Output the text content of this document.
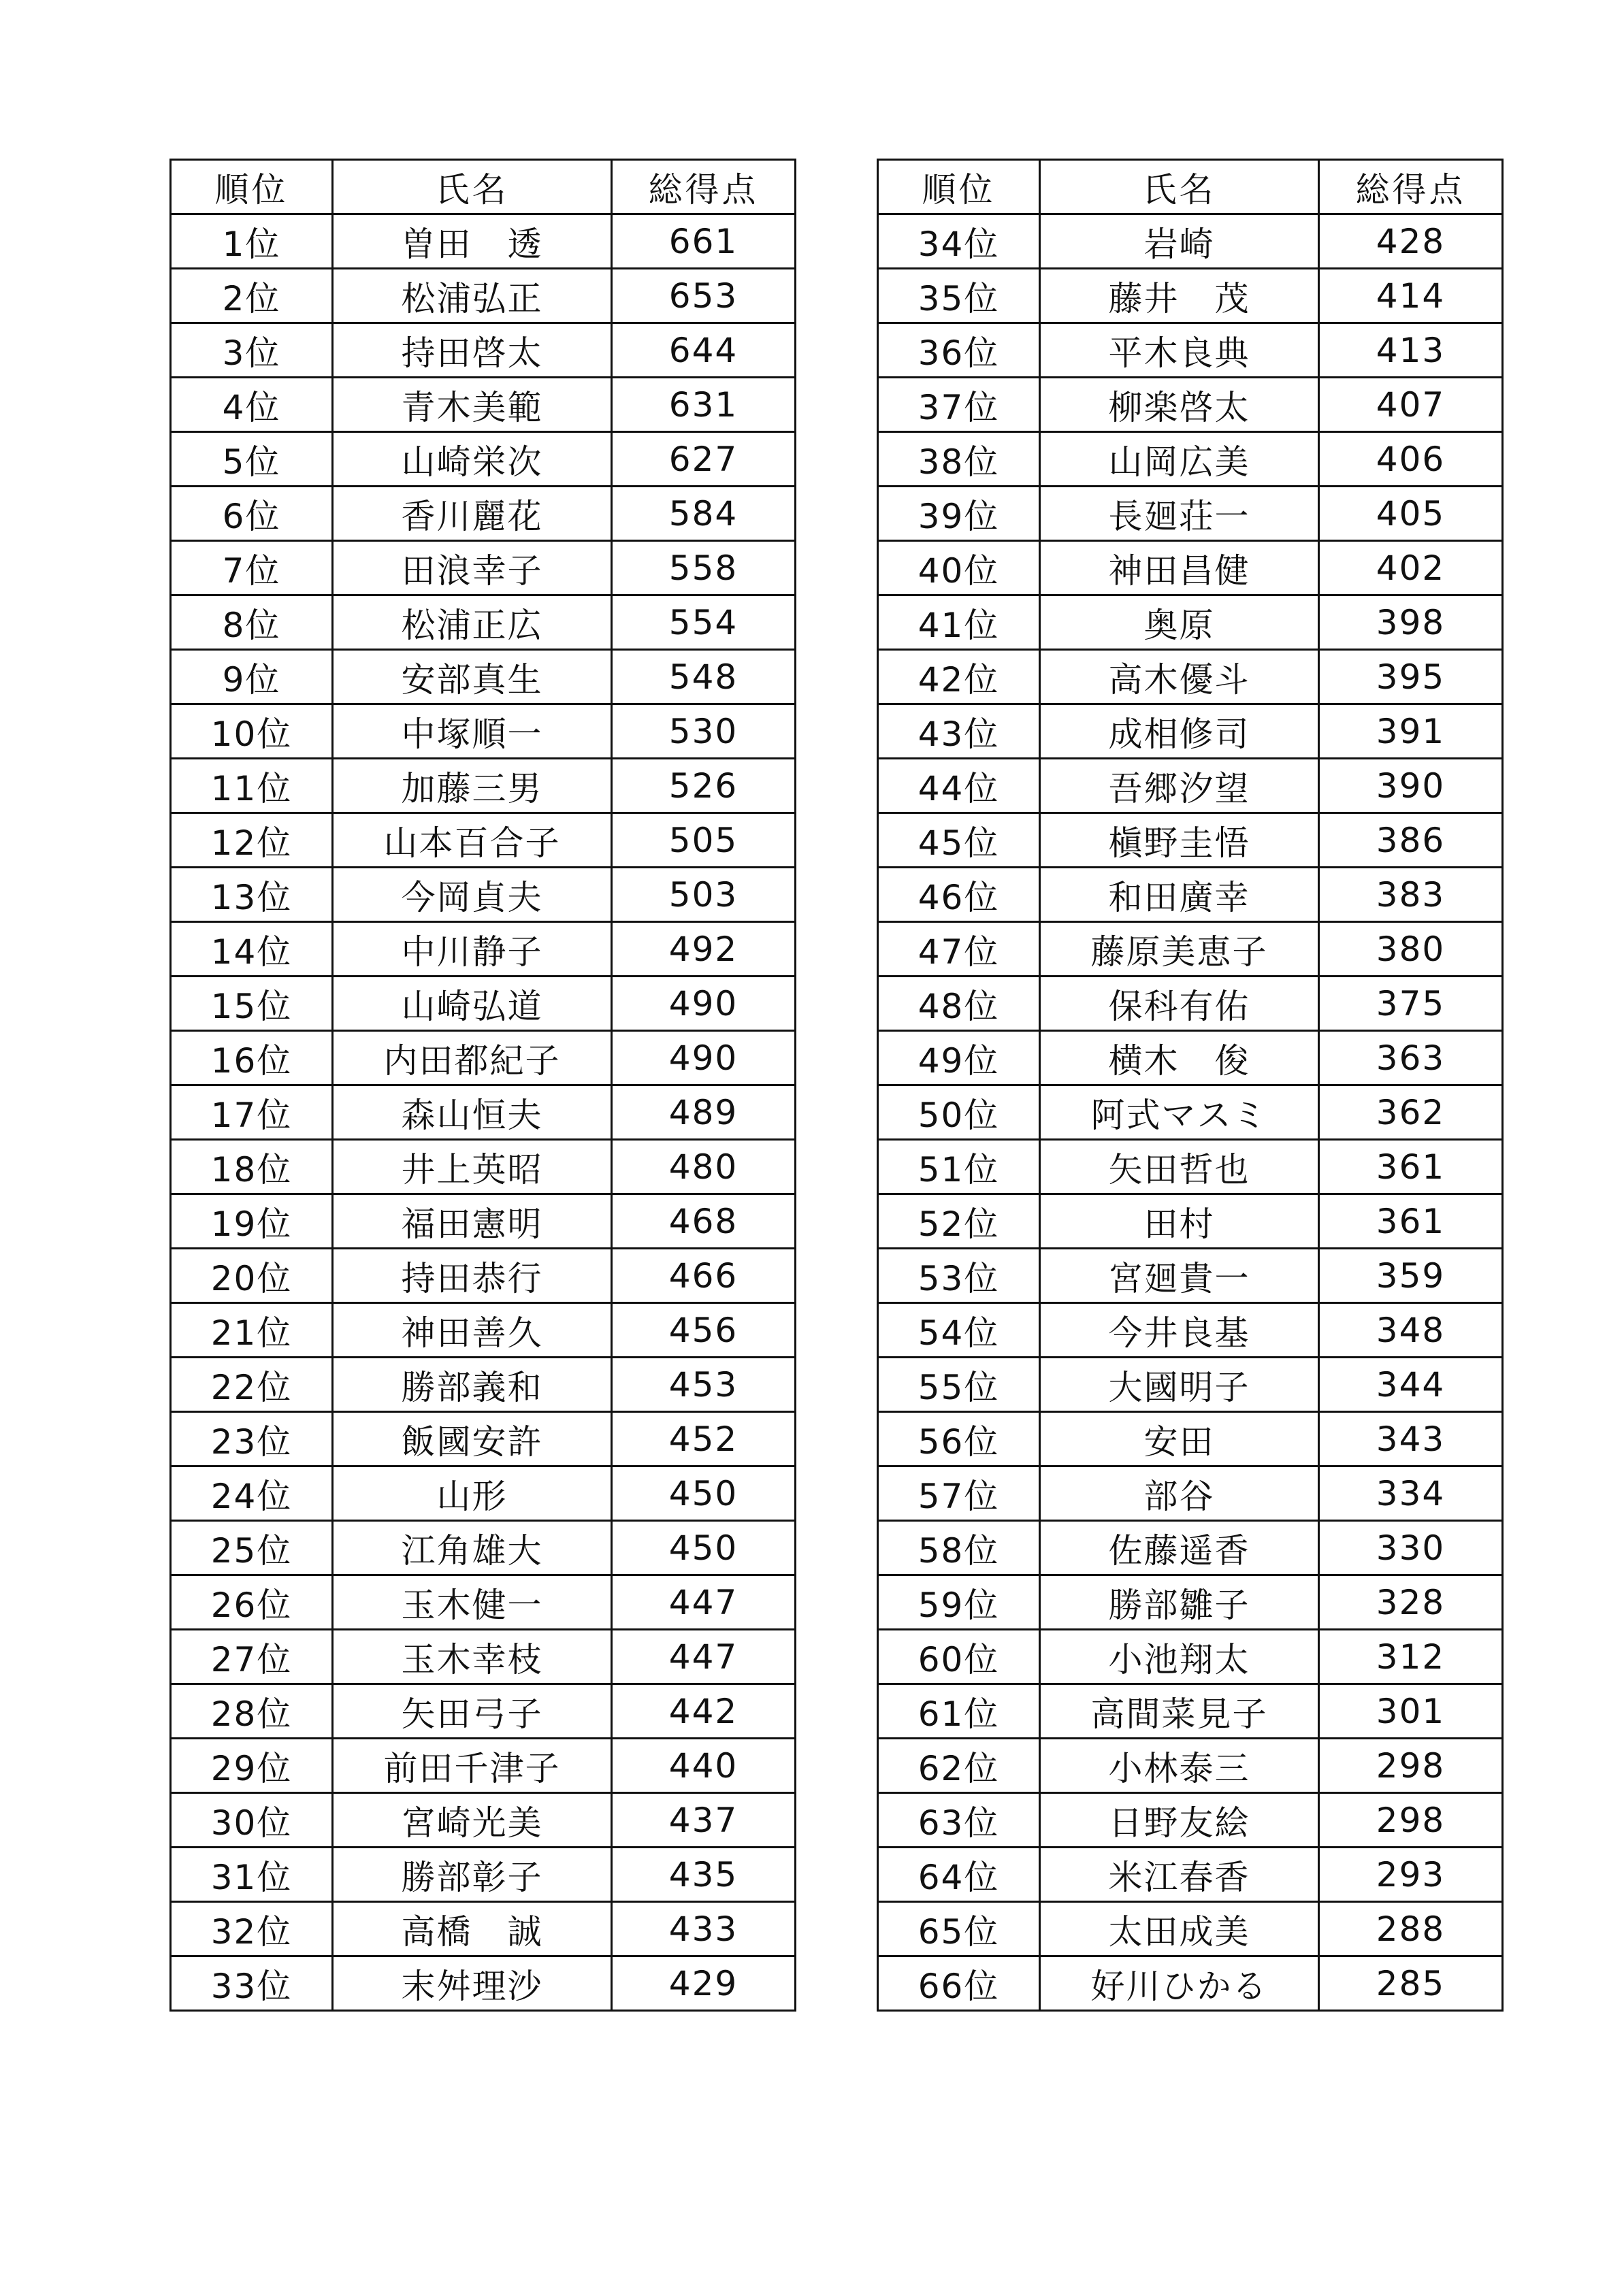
順位	氏名	総得点
1位	曽田　透	661
2位	松浦弘正	653
3位	持田啓太	644
4位	青木美範	631
5位	山崎栄次	627
6位	香川麗花	584
7位	田浪幸子	558
8位	松浦正広	554
9位	安部真生	548
10位	中塚順一	530
11位	加藤三男	526
12位	山本百合子	505
13位	今岡貞夫	503
14位	中川静子	492
15位	山崎弘道	490
16位	内田都紀子	490
17位	森山恒夫	489
18位	井上英昭	480
19位	福田憲明	468
20位	持田恭行	466
21位	神田善久	456
22位	勝部義和	453
23位	飯國安許	452
24位	山形	450
25位	江角雄大	450
26位	玉木健一	447
27位	玉木幸枝	447
28位	矢田弓子	442
29位	前田千津子	440
30位	宮崎光美	437
31位	勝部彰子	435
32位	高橋　誠	433
33位	末舛理沙	429
順位	氏名	総得点
34位	岩崎	428
35位	藤井　茂	414
36位	平木良典	413
37位	柳楽啓太	407
38位	山岡広美	406
39位	長廻荘一	405
40位	神田昌健	402
41位	奥原	398
42位	高木優斗	395
43位	成相修司	391
44位	吾郷汐望	390
45位	槇野圭悟	386
46位	和田廣幸	383
47位	藤原美恵子	380
48位	保科有佑	375
49位	横木　俊	363
50位	阿式マスミ	362
51位	矢田哲也	361
52位	田村	361
53位	宮廻貴一	359
54位	今井良基	348
55位	大國明子	344
56位	安田	343
57位	部谷	334
58位	佐藤遥香	330
59位	勝部雛子	328
60位	小池翔太	312
61位	高間菜見子	301
62位	小林泰三	298
63位	日野友絵	298
64位	米江春香	293
65位	太田成美	288
66位	好川ひかる	285
